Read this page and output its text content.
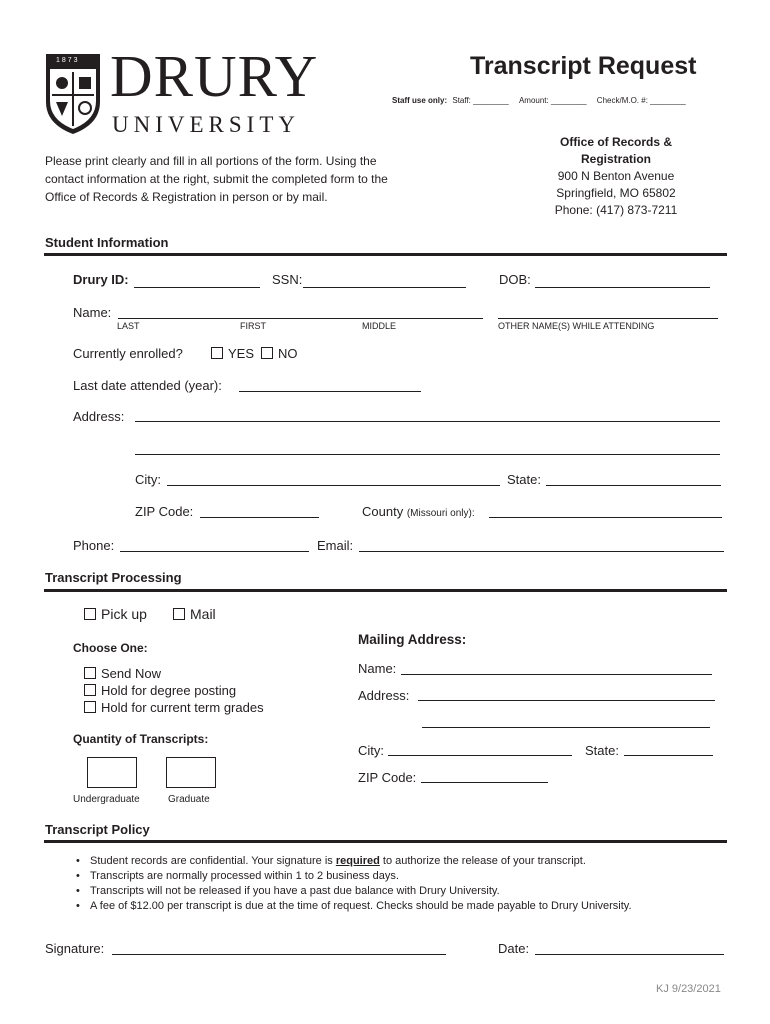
1873 DRURY
UNIVERSITY
Transcript Request
Staff use only: Staff: ________ Amount: ________ Check/M.O. #: ________
Please print clearly and fill in all portions of the form. Using the
contact information at the right, submit the completed form to the
Office of Records & Registration in person or by mail.
Office of Records &
Registration
900 N Benton Avenue
Springfield, MO 65802
Phone: (417) 873-7211
Student Information
Drury ID:	SSN:	DOB:
Name:
LAST	FIRST	MIDDLE	OTHER NAME(S) WHILE ATTENDING
Currently enrolled?	YES	NO
Last date attended (year):
Address:
City:	State:
ZIP Code:	County (Missouri only):
Phone:	Email:
Transcript Processing
Pick up	Mail
Choose One:
Send Now
Hold for degree posting
Hold for current term grades
Quantity of Transcripts:
Undergraduate	Graduate
Mailing Address:
Name:
Address:
City:	State:
ZIP Code:
Transcript Policy
• Student records are confidential. Your signature is required to authorize the release of your transcript.
• Transcripts are normally processed within 1 to 2 business days.
• Transcripts will not be released if you have a past due balance with Drury University.
• A fee of $12.00 per transcript is due at the time of request. Checks should be made payable to Drury University.
Signature:	Date:
KJ 9/23/2021
